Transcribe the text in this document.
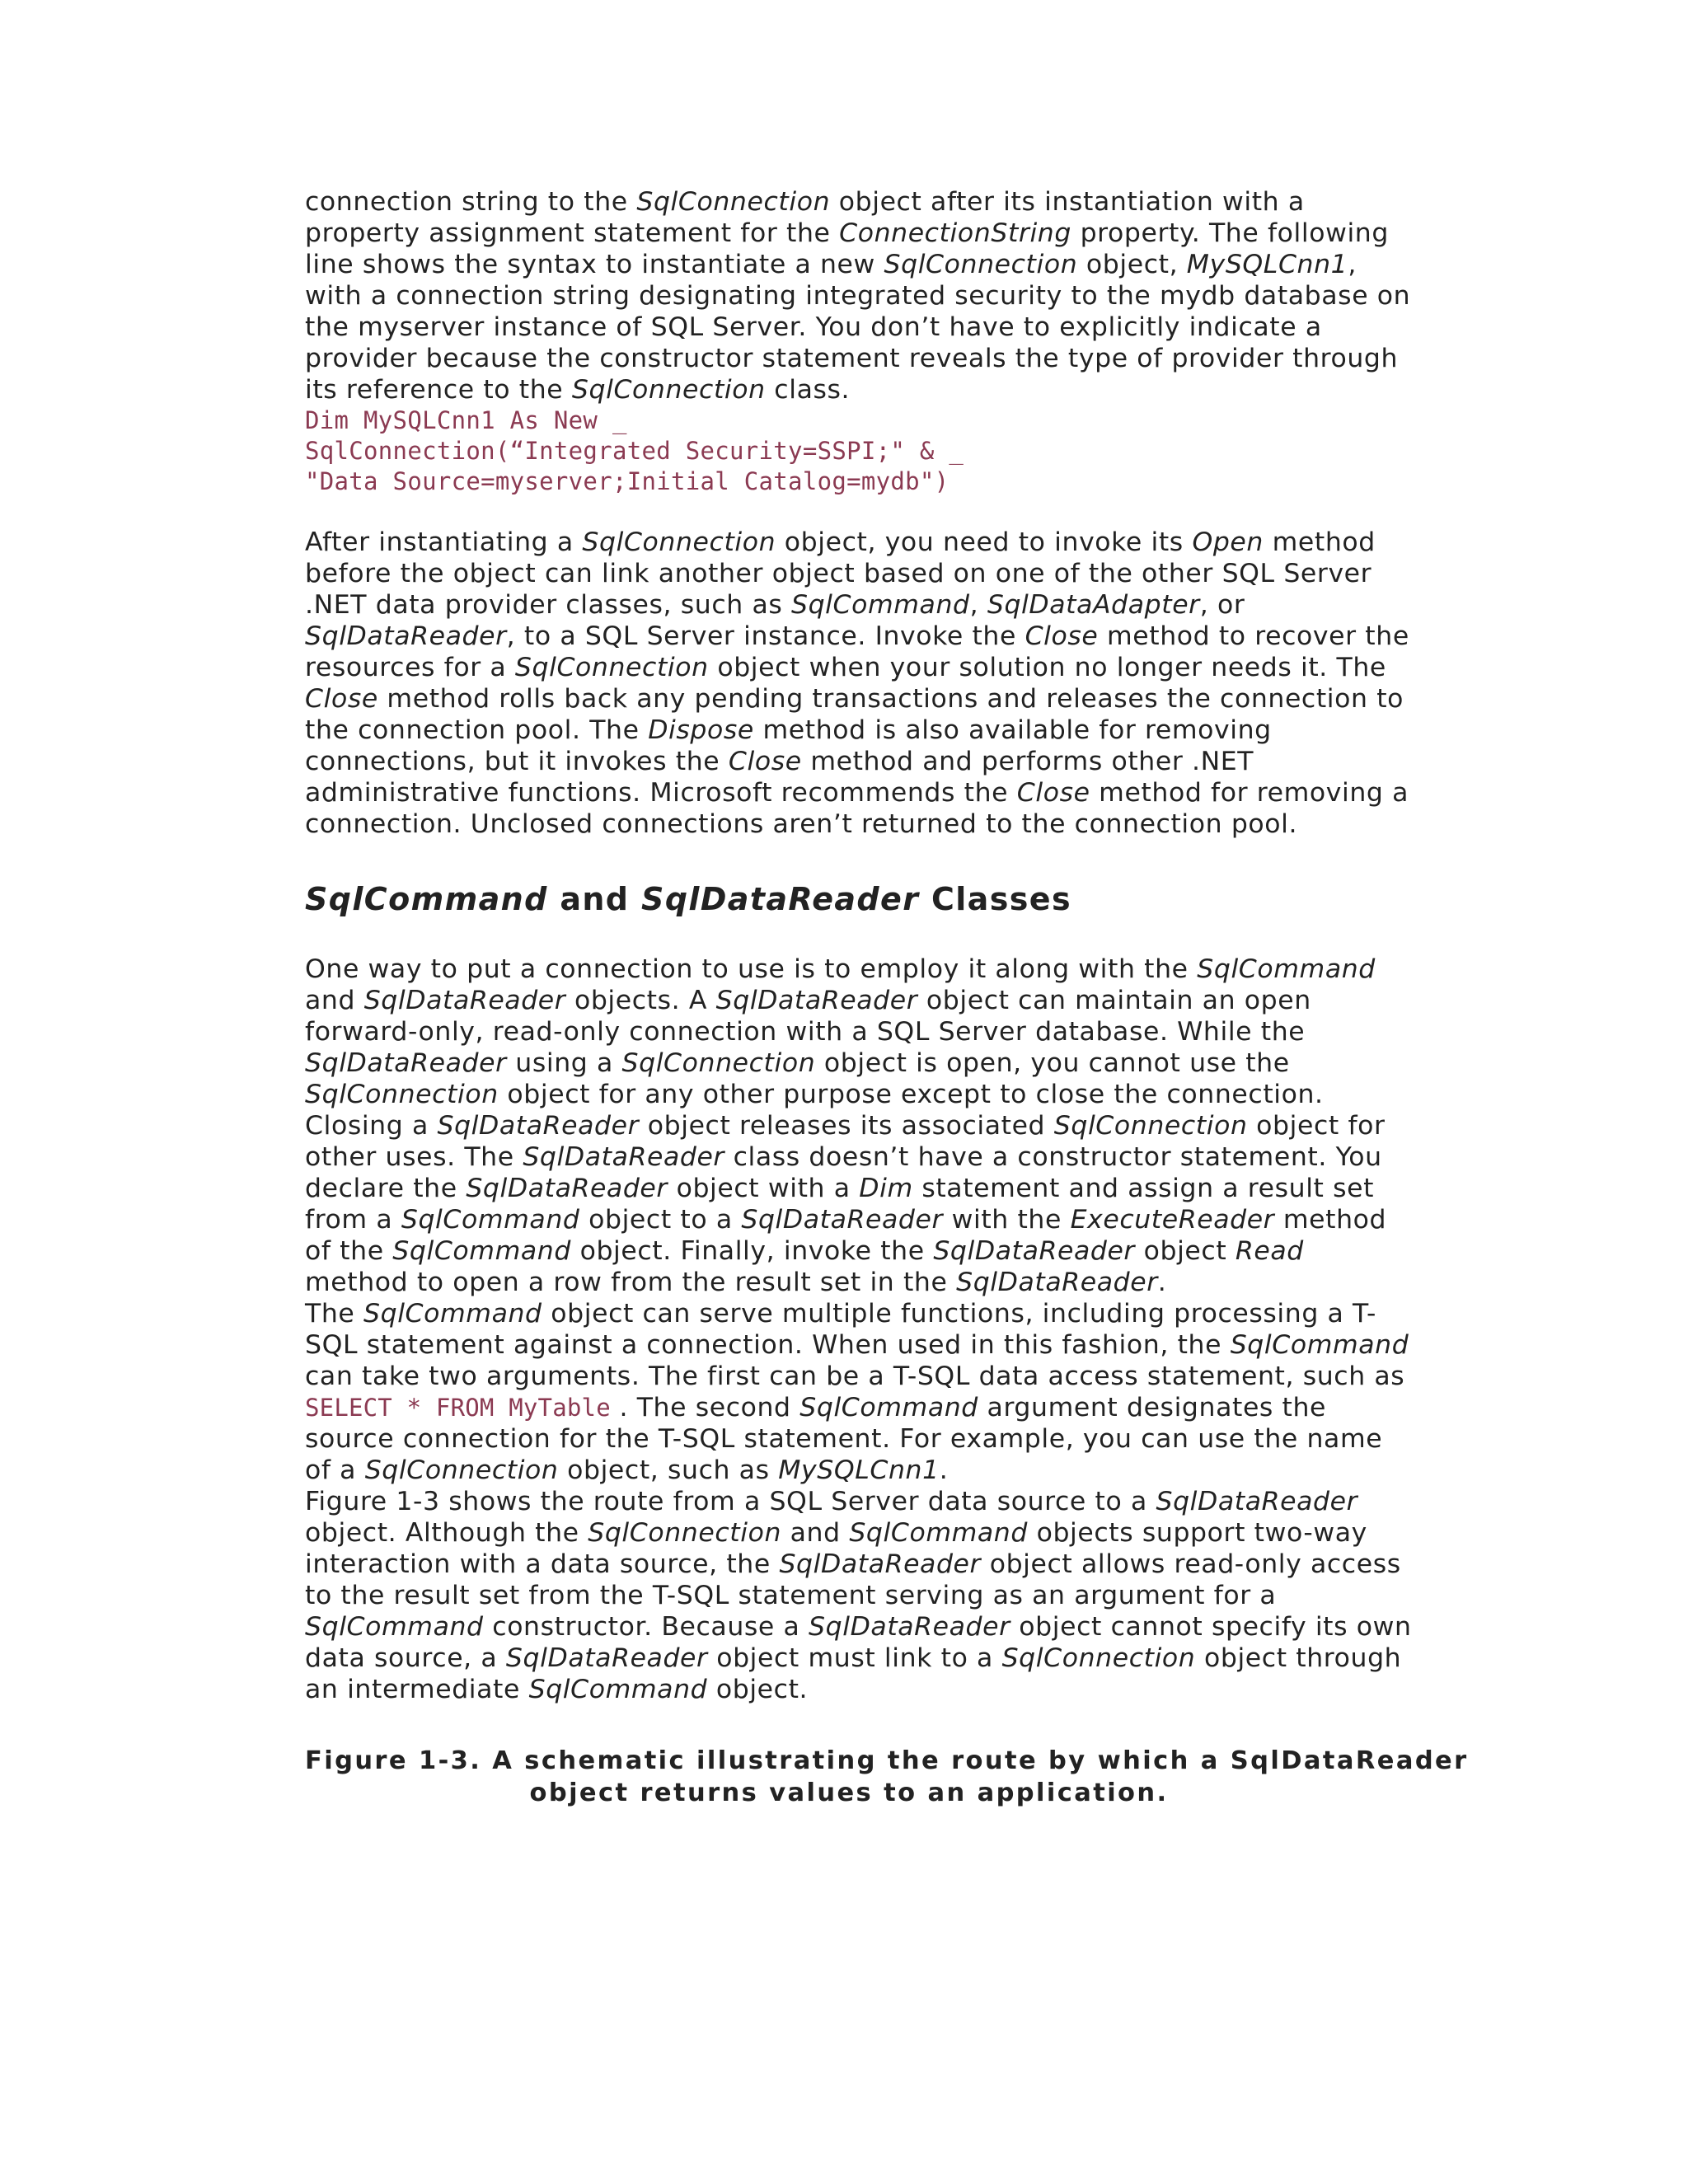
connection string to the SqlConnection object after its instantiation with a
property assignment statement for the ConnectionString property. The following
line shows the syntax to instantiate a new SqlConnection object, MySQLCnn1,
with a connection string designating integrated security to the mydb database on
the myserver instance of SQL Server. You don’t have to explicitly indicate a
provider because the constructor statement reveals the type of provider through
its reference to the SqlConnection class.

Dim MySQLCnn1 As New _
SqlConnection(“Integrated Security=SSPI;" & _
"Data Source=myserver;Initial Catalog=mydb")

After instantiating a SqlConnection object, you need to invoke its Open method
before the object can link another object based on one of the other SQL Server
.NET data provider classes, such as SqlCommand, SqlDataAdapter, or
SqlDataReader, to a SQL Server instance. Invoke the Close method to recover the
resources for a SqlConnection object when your solution no longer needs it. The
Close method rolls back any pending transactions and releases the connection to
the connection pool. The Dispose method is also available for removing
connections, but it invokes the Close method and performs other .NET
administrative functions. Microsoft recommends the Close method for removing a
connection. Unclosed connections aren’t returned to the connection pool.

SqlCommand and SqlDataReader Classes

One way to put a connection to use is to employ it along with the SqlCommand
and SqlDataReader objects. A SqlDataReader object can maintain an open
forward-only, read-only connection with a SQL Server database. While the
SqlDataReader using a SqlConnection object is open, you cannot use the
SqlConnection object for any other purpose except to close the connection.
Closing a SqlDataReader object releases its associated SqlConnection object for
other uses. The SqlDataReader class doesn’t have a constructor statement. You
declare the SqlDataReader object with a Dim statement and assign a result set
from a SqlCommand object to a SqlDataReader with the ExecuteReader method
of the SqlCommand object. Finally, invoke the SqlDataReader object Read
method to open a row from the result set in the SqlDataReader.

The SqlCommand object can serve multiple functions, including processing a T-
SQL statement against a connection. When used in this fashion, the SqlCommand
can take two arguments. The first can be a T-SQL data access statement, such as
SELECT * FROM MyTable . The second SqlCommand argument designates the
source connection for the T-SQL statement. For example, you can use the name
of a SqlConnection object, such as MySQLCnn1.

Figure 1-3 shows the route from a SQL Server data source to a SqlDataReader
object. Although the SqlConnection and SqlCommand objects support two-way
interaction with a data source, the SqlDataReader object allows read-only access
to the result set from the T-SQL statement serving as an argument for a
SqlCommand constructor. Because a SqlDataReader object cannot specify its own
data source, a SqlDataReader object must link to a SqlConnection object through
an intermediate SqlCommand object.

Figure 1-3. A schematic illustrating the route by which a SqlDataReader
object returns values to an application.
